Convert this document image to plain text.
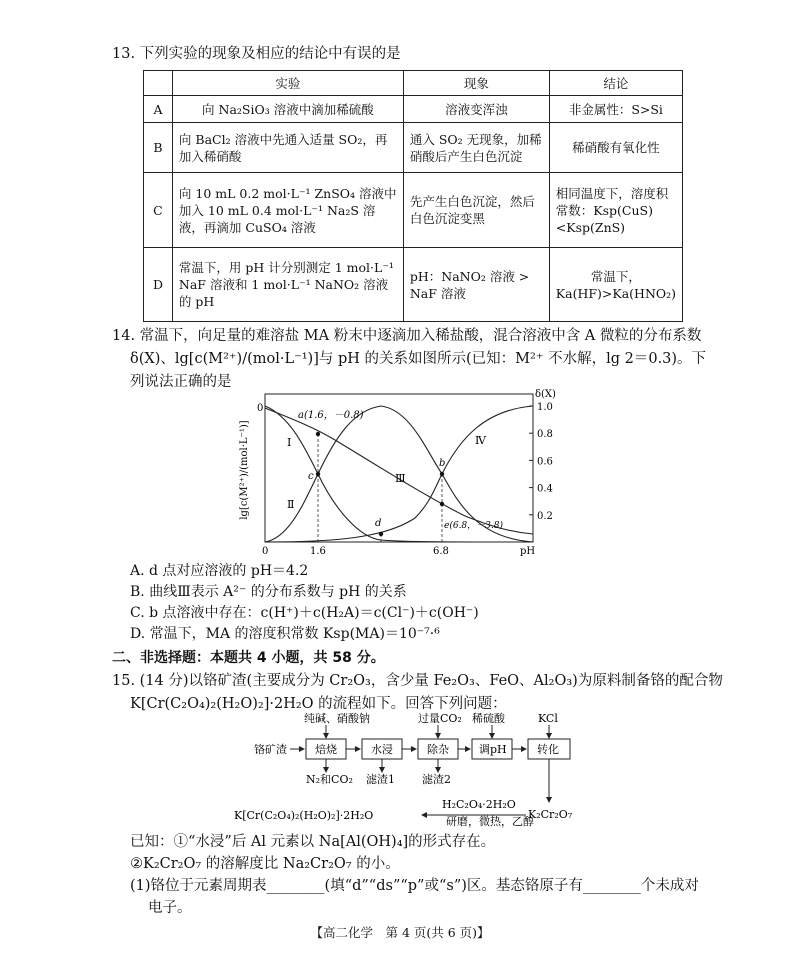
13. 下列实验的现象及相应的结论中有误的是
	实验	现象	结论
A	向 Na₂SiO₃ 溶液中滴加稀硫酸	溶液变浑浊	非金属性：S>Si
B	向 BaCl₂ 溶液中先通入适量 SO₂，再加入稀硝酸	通入 SO₂ 无现象，加稀硝酸后产生白色沉淀	稀硝酸有氧化性
C	向 10 mL 0.2 mol·L⁻¹ ZnSO₄ 溶液中加入 10 mL 0.4 mol·L⁻¹ Na₂S 溶液，再滴加 CuSO₄ 溶液	先产生白色沉淀，然后白色沉淀变黑	相同温度下，溶度积常数：Ksp(CuS)<Ksp(ZnS)
D	常温下，用 pH 计分别测定 1 mol·L⁻¹ NaF 溶液和 1 mol·L⁻¹ NaNO₂ 溶液的 pH	pH：NaNO₂ 溶液 > NaF 溶液	常温下，Ka(HF)>Ka(HNO₂)
14. 常温下，向足量的难溶盐 MA 粉末中逐滴加入稀盐酸，混合溶液中含 A 微粒的分布系数
δ(X)、lg[c(M²⁺)/(mol·L⁻¹)]与 pH 的关系如图所示(已知：M²⁺ 不水解，lg 2＝0.3)。下
列说法正确的是
lg[c(M²⁺)/(mol·L⁻¹)]
δ(X)
1.0
0.8
0.6
0.4
0.2
0
0	1.6	6.8	pH
a(1.6，－0.8)
b
c
d	e(6.8，－3.8)
Ⅰ
Ⅱ
Ⅲ
Ⅳ
A. d 点对应溶液的 pH＝4.2
B. 曲线Ⅲ表示 A²⁻ 的分布系数与 pH 的关系
C. b 点溶液中存在：c(H⁺)＋c(H₂A)＝c(Cl⁻)＋c(OH⁻)
D. 常温下，MA 的溶度积常数 Ksp(MA)＝10⁻⁷·⁶
二、非选择题：本题共 4 小题，共 58 分。
15. (14 分)以铬矿渣(主要成分为 Cr₂O₃，含少量 Fe₂O₃、FeO、Al₂O₃)为原料制备铬的配合物
K[Cr(C₂O₄)₂(H₂O)₂]·2H₂O 的流程如下。回答下列问题：
铬矿渣	焙烧	水浸	除杂	调pH	转化
纯碱、硝酸钠	过量CO₂ 稀硫酸	KCl
N₂和CO₂ 滤渣1 滤渣2
K₂Cr₂O₇
H₂C₂O₄·2H₂O
研磨，微热，乙醇
K[Cr(C₂O₄)₂(H₂O)₂]·2H₂O
已知：①“水浸”后 Al 元素以 Na[Al(OH)₄]的形式存在。
②K₂Cr₂O₇ 的溶解度比 Na₂Cr₂O₇ 的小。
(1)铬位于元素周期表________(填“d”“ds”“p”或“s”)区。基态铬原子有________个未成对
电子。
【高二化学　第 4 页(共 6 页)】
